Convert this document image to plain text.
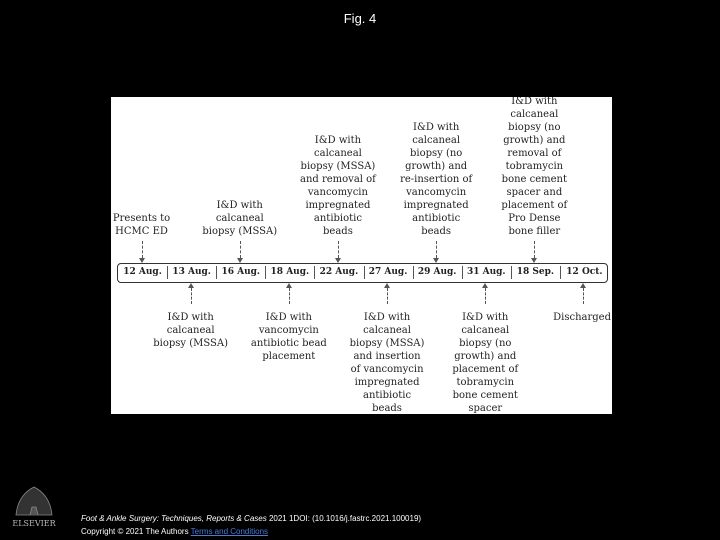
Fig. 4
12 Aug. 13 Aug. 16 Aug. 18 Aug. 22 Aug. 27 Aug. 29 Aug. 31 Aug. 18 Sep. 12 Oct.
Presents to
HCMC ED
I&D with
calcaneal
biopsy (MSSA)
I&D with
calcaneal
biopsy (MSSA)
and removal of
vancomycin
impregnated
antibiotic
beads
I&D with
calcaneal
biopsy (no
growth) and
re-insertion of
vancomycin
impregnated
antibiotic
beads
I&D with
calcaneal
biopsy (no
growth) and
removal of
tobramycin
bone cement
spacer and
placement of
Pro Dense
bone filler
I&D with
calcaneal
biopsy (MSSA)
I&D with
vancomycin
antibiotic bead
placement
I&D with
calcaneal
biopsy (MSSA)
and insertion
of vancomycin
impregnated
antibiotic
beads
I&D with
calcaneal
biopsy (no
growth) and
placement of
tobramycin
bone cement
spacer
Discharged
Foot & Ankle Surgery: Techniques, Reports & Cases 2021 1DOI: (10.1016/j.fastrc.2021.100019)
Copyright © 2021 The Authors Terms and Conditions
ELSEVIER
